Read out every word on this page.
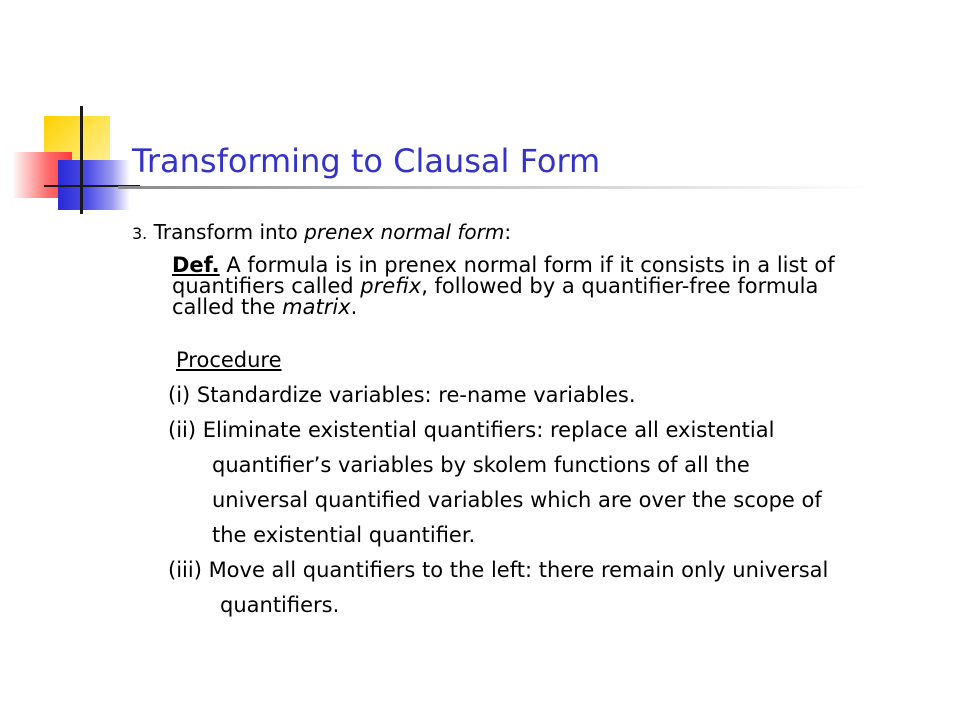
Transforming to Clausal Form
3. Transform into prenex normal form:
Def. A formula is in prenex normal form if it consists in a list of
quantifiers called prefix, followed by a quantifier-free formula
called the matrix.
Procedure
(i) Standardize variables: re-name variables.
(ii) Eliminate existential quantifiers: replace all existential
quantifier’s variables by skolem functions of all the
universal quantified variables which are over the scope of
the existential quantifier.
(iii) Move all quantifiers to the left: there remain only universal
quantifiers.
